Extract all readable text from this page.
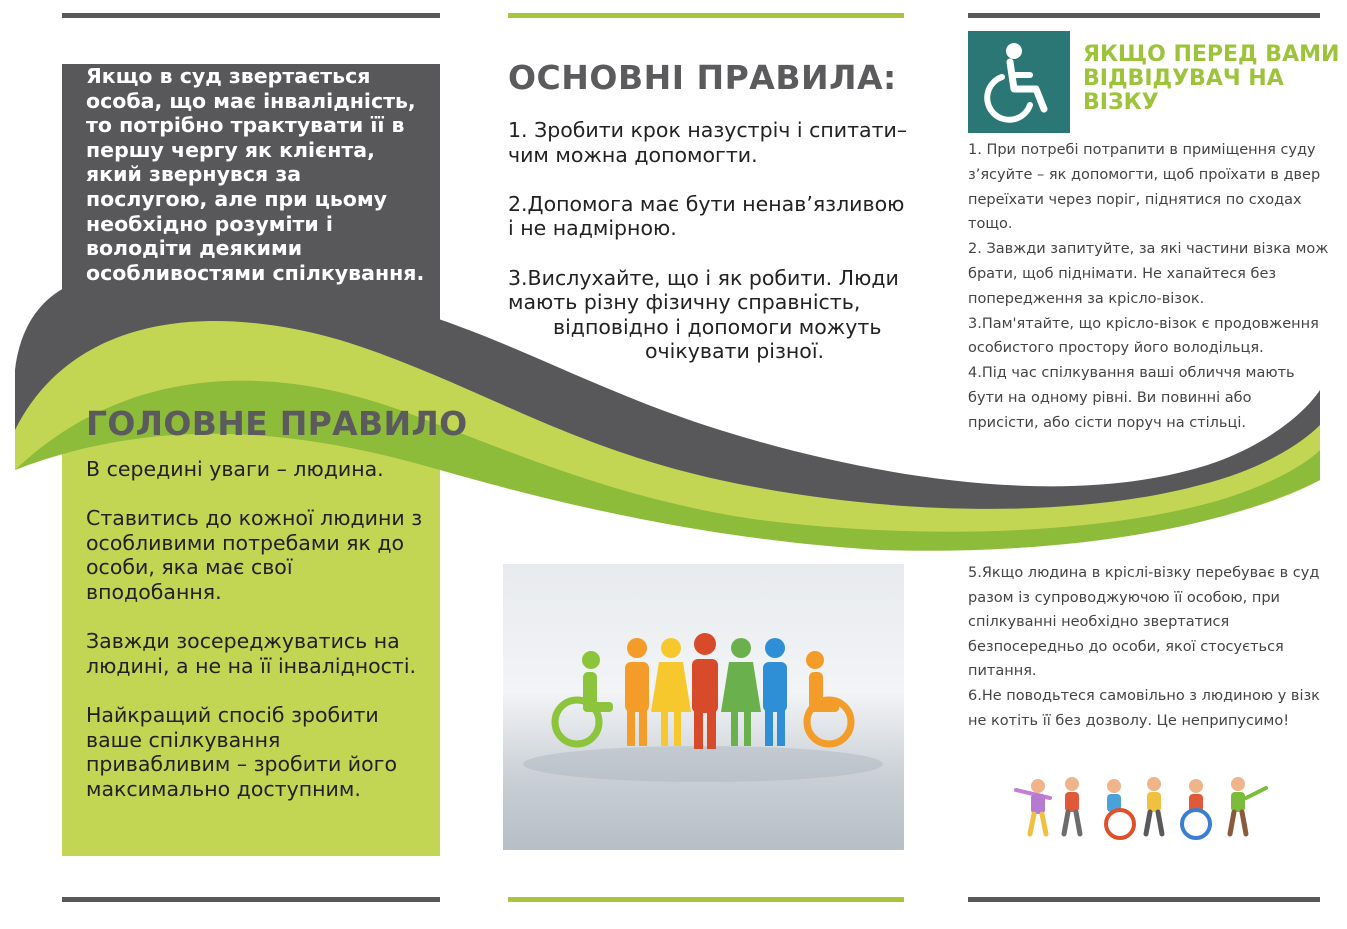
Якщо в суд звертається особа, що має інвалідність, то потрібно трактувати її в першу чергу як клієнта, який звернувся за послугою, але при цьому необхідно розуміти і володіти деякими особливостями спілкування.

ГОЛОВНЕ ПРАВИЛО

В середині уваги – людина.

Ставитись до кожної людини з особливими потребами як до особи, яка має свої вподобання.

Завжди зосереджуватись на людині, а не на її інвалідності.

Найкращий спосіб зробити ваше спілкування привабливим – зробити його максимально доступним.

ОСНОВНІ ПРАВИЛА:

1. Зробити крок назустріч і спитати–чим можна допомогти.

2.Допомога має бути ненав’язливою і не надмірною.

3.Вислухайте, що і як робити. Люди мають різну фізичну справність,
відповідно і допомоги можуть
очікувати різної.

ЯКЩО ПЕРЕД ВАМИ ВІДВІДУВАЧ НА ВІЗКУ

1. При потребі потрапити в приміщення суду

з’ясуйте – як допомогти, щоб проїхати в двер

переїхати через поріг, піднятися по сходах

тощо.

2. Завжди запитуйте, за які частини візка мож

брати, щоб піднімати. Не хапайтеся без

попередження за крісло-візок.

3.Пам'ятайте, що крісло-візок є продовження

особистого простору його володільця.

4.Під час спілкування ваші обличчя мають

бути на одному рівні. Ви повинні або

присісти, або сісти поруч на стільці.

5.Якщо людина в кріслі-візку перебуває в суд

разом із супроводжуючою її особою, при

спілкуванні необхідно звертатися

безпосередньо до особи, якої стосується

питання.

6.Не поводьтеся самовільно з людиною у візк

не котіть її без дозволу. Це неприпусимо!
